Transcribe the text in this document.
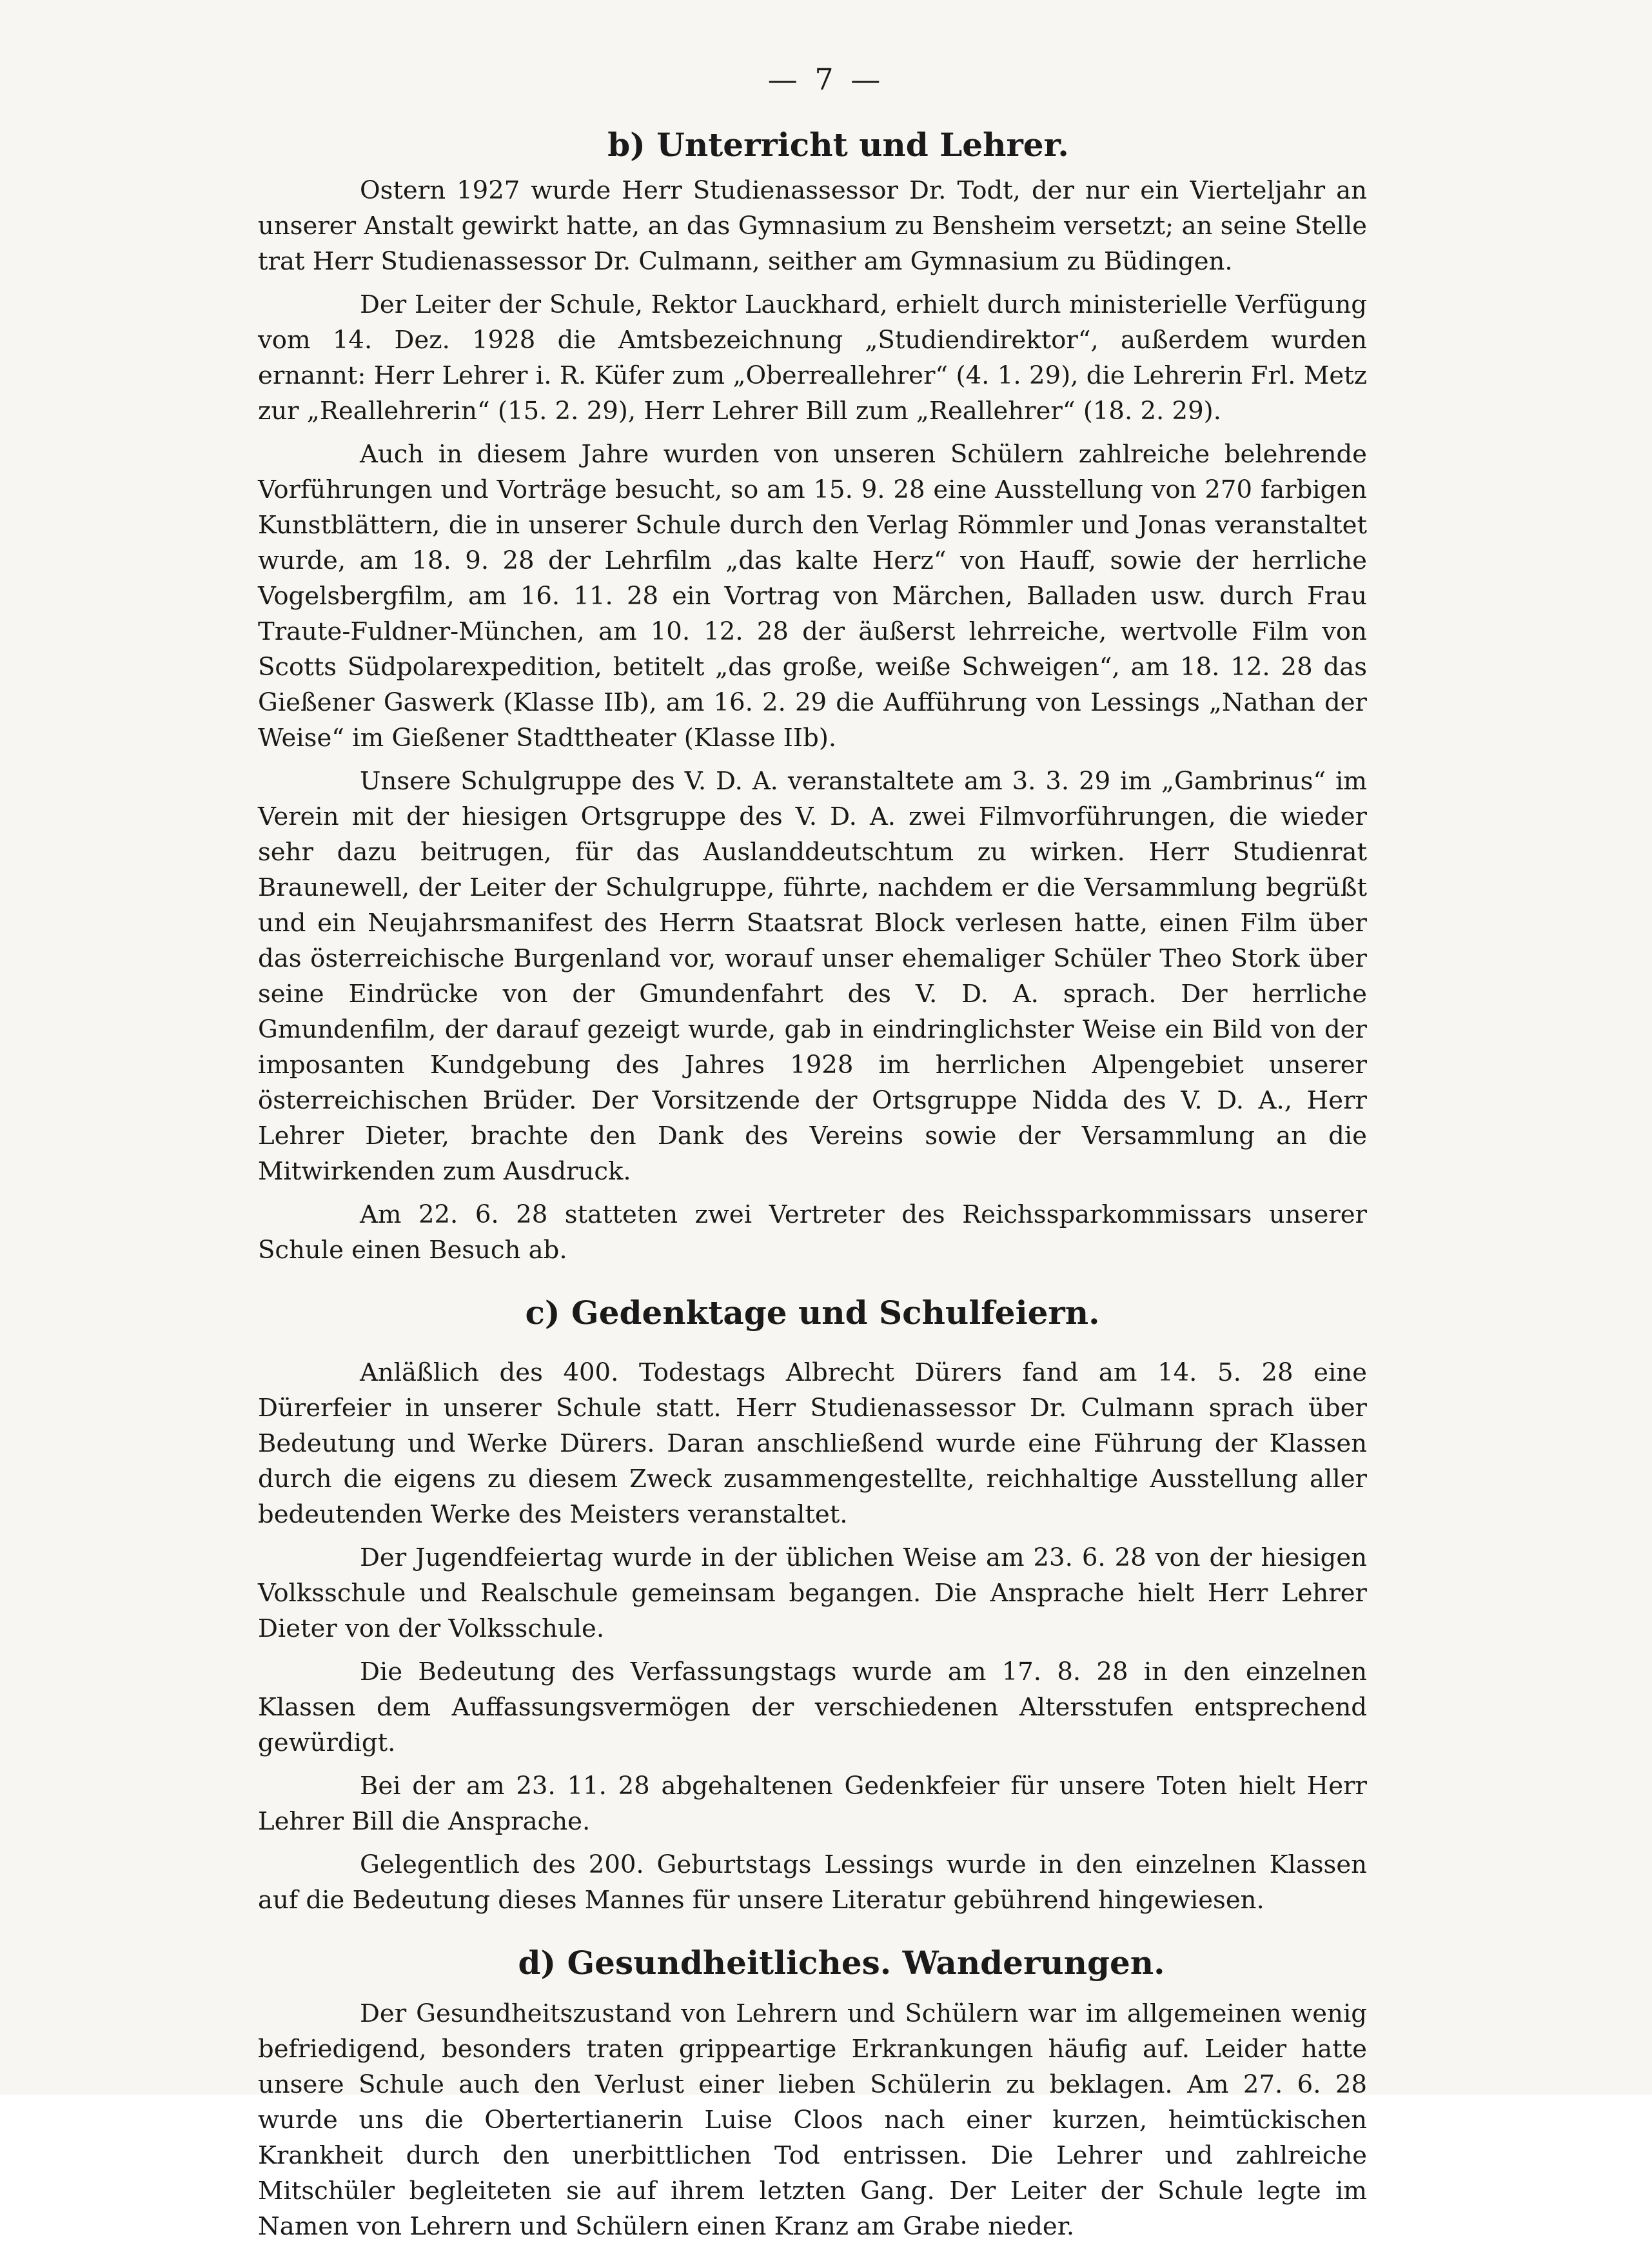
— 7 —
b) Unterricht und Lehrer.

Ostern 1927 wurde Herr Studienassessor Dr. Todt, der nur ein Vierteljahr an unserer Anstalt gewirkt hatte, an das Gymnasium zu Bensheim versetzt; an seine Stelle trat Herr Studienassessor Dr. Culmann, seither am Gymnasium zu Büdingen.

Der Leiter der Schule, Rektor Lauckhard, erhielt durch ministerielle Verfügung vom 14. Dez. 1928 die Amtsbezeichnung „Studiendirektor“, außerdem wurden ernannt: Herr Lehrer i. R. Küfer zum „Oberreallehrer“ (4. 1. 29), die Lehrerin Frl. Metz zur „Reallehrerin“ (15. 2. 29), Herr Lehrer Bill zum „Reallehrer“ (18. 2. 29).

Auch in diesem Jahre wurden von unseren Schülern zahlreiche belehrende Vorführungen und Vorträge besucht, so am 15. 9. 28 eine Ausstellung von 270 farbigen Kunstblättern, die in unserer Schule durch den Verlag Römmler und Jonas veranstaltet wurde, am 18. 9. 28 der Lehrfilm „das kalte Herz“ von Hauff, sowie der herrliche Vogelsbergfilm, am 16. 11. 28 ein Vortrag von Märchen, Balladen usw. durch Frau Traute-Fuldner-München, am 10. 12. 28 der äußerst lehrreiche, wertvolle Film von Scotts Südpolarexpedition, betitelt „das große, weiße Schweigen“, am 18. 12. 28 das Gießener Gaswerk (Klasse IIb), am 16. 2. 29 die Aufführung von Lessings „Nathan der Weise“ im Gießener Stadttheater (Klasse IIb).

Unsere Schulgruppe des V. D. A. veranstaltete am 3. 3. 29 im „Gambrinus“ im Verein mit der hiesigen Ortsgruppe des V. D. A. zwei Filmvorführungen, die wieder sehr dazu beitrugen, für das Auslanddeutschtum zu wirken. Herr Studienrat Braunewell, der Leiter der Schulgruppe, führte, nachdem er die Versammlung begrüßt und ein Neujahrsmanifest des Herrn Staatsrat Block verlesen hatte, einen Film über das österreichische Burgenland vor, worauf unser ehemaliger Schüler Theo Stork über seine Eindrücke von der Gmundenfahrt des V. D. A. sprach. Der herrliche Gmundenfilm, der darauf gezeigt wurde, gab in eindringlichster Weise ein Bild von der imposanten Kundgebung des Jahres 1928 im herrlichen Alpengebiet unserer österreichischen Brüder. Der Vorsitzende der Ortsgruppe Nidda des V. D. A., Herr Lehrer Dieter, brachte den Dank des Vereins sowie der Versammlung an die Mitwirkenden zum Ausdruck.

Am 22. 6. 28 statteten zwei Vertreter des Reichssparkommissars unserer Schule einen Besuch ab.

c) Gedenktage und Schulfeiern.

Anläßlich des 400. Todestags Albrecht Dürers fand am 14. 5. 28 eine Dürerfeier in unserer Schule statt. Herr Studienassessor Dr. Culmann sprach über Bedeutung und Werke Dürers. Daran anschließend wurde eine Führung der Klassen durch die eigens zu diesem Zweck zusammengestellte, reichhaltige Ausstellung aller bedeutenden Werke des Meisters veranstaltet.

Der Jugendfeiertag wurde in der üblichen Weise am 23. 6. 28 von der hiesigen Volksschule und Realschule gemeinsam begangen. Die Ansprache hielt Herr Lehrer Dieter von der Volksschule.

Die Bedeutung des Verfassungstags wurde am 17. 8. 28 in den einzelnen Klassen dem Auffassungsvermögen der verschiedenen Altersstufen entsprechend gewürdigt.

Bei der am 23. 11. 28 abgehaltenen Gedenkfeier für unsere Toten hielt Herr Lehrer Bill die Ansprache.

Gelegentlich des 200. Geburtstags Lessings wurde in den einzelnen Klassen auf die Bedeutung dieses Mannes für unsere Literatur gebührend hingewiesen.

d) Gesundheitliches. Wanderungen.

Der Gesundheitszustand von Lehrern und Schülern war im allgemeinen wenig befriedigend, besonders traten grippeartige Erkrankungen häufig auf. Leider hatte unsere Schule auch den Verlust einer lieben Schülerin zu beklagen. Am 27. 6. 28 wurde uns die Obertertianerin Luise Cloos nach einer kurzen, heimtückischen Krankheit durch den unerbittlichen Tod entrissen. Die Lehrer und zahlreiche Mitschüler begleiteten sie auf ihrem letzten Gang. Der Leiter der Schule legte im Namen von Lehrern und Schülern einen Kranz am Grabe nieder.
